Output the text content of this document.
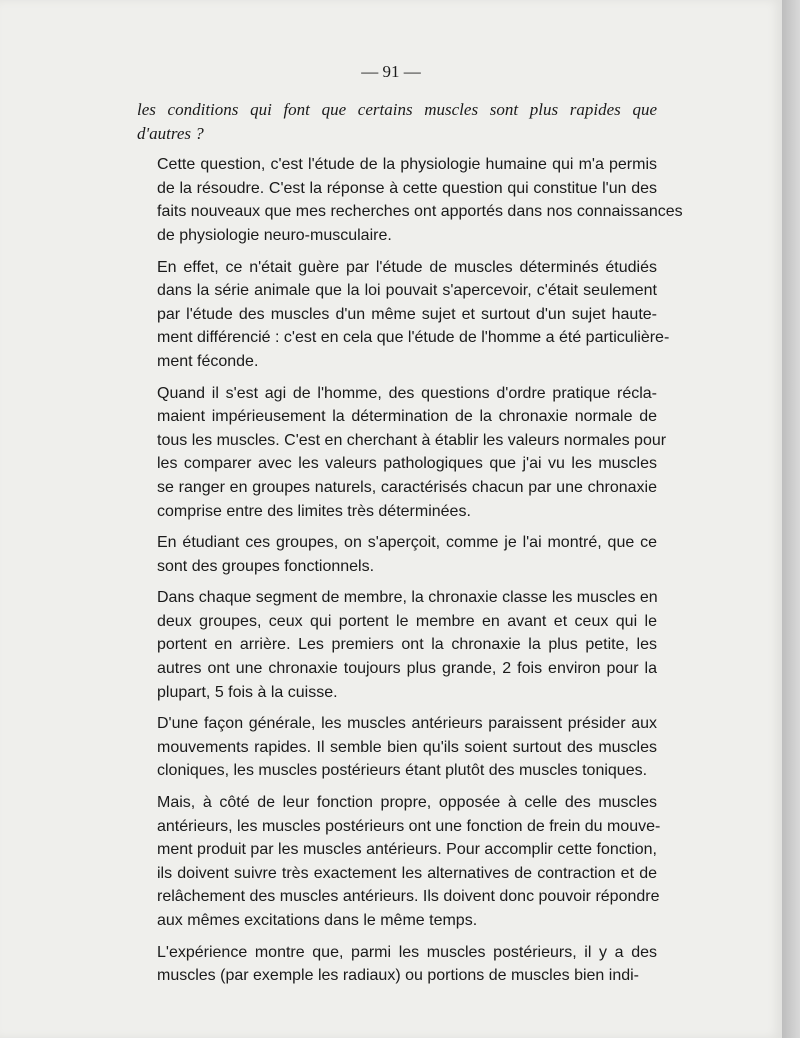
— 91 —

les conditions qui font que certains muscles sont plus rapides que
d'autres ?

Cette question, c'est l'étude de la physiologie humaine qui m'a permis
de la résoudre. C'est la réponse à cette question qui constitue l'un des
faits nouveaux que mes recherches ont apportés dans nos connaissances
de physiologie neuro-musculaire.

En effet, ce n'était guère par l'étude de muscles déterminés étudiés
dans la série animale que la loi pouvait s'apercevoir, c'était seulement
par l'étude des muscles d'un même sujet et surtout d'un sujet haute-
ment différencié : c'est en cela que l'étude de l'homme a été particulière-
ment féconde.

Quand il s'est agi de l'homme, des questions d'ordre pratique récla-
maient impérieusement la détermination de la chronaxie normale de
tous les muscles. C'est en cherchant à établir les valeurs normales pour
les comparer avec les valeurs pathologiques que j'ai vu les muscles
se ranger en groupes naturels, caractérisés chacun par une chronaxie
comprise entre des limites très déterminées.

En étudiant ces groupes, on s'aperçoit, comme je l'ai montré, que ce
sont des groupes fonctionnels.

Dans chaque segment de membre, la chronaxie classe les muscles en
deux groupes, ceux qui portent le membre en avant et ceux qui le
portent en arrière. Les premiers ont la chronaxie la plus petite, les
autres ont une chronaxie toujours plus grande, 2 fois environ pour la
plupart, 5 fois à la cuisse.

D'une façon générale, les muscles antérieurs paraissent présider aux
mouvements rapides. Il semble bien qu'ils soient surtout des muscles
cloniques, les muscles postérieurs étant plutôt des muscles toniques.

Mais, à côté de leur fonction propre, opposée à celle des muscles
antérieurs, les muscles postérieurs ont une fonction de frein du mouve-
ment produit par les muscles antérieurs. Pour accomplir cette fonction,
ils doivent suivre très exactement les alternatives de contraction et de
relâchement des muscles antérieurs. Ils doivent donc pouvoir répondre
aux mêmes excitations dans le même temps.

L'expérience montre que, parmi les muscles postérieurs, il y a des
muscles (par exemple les radiaux) ou portions de muscles bien indi-
